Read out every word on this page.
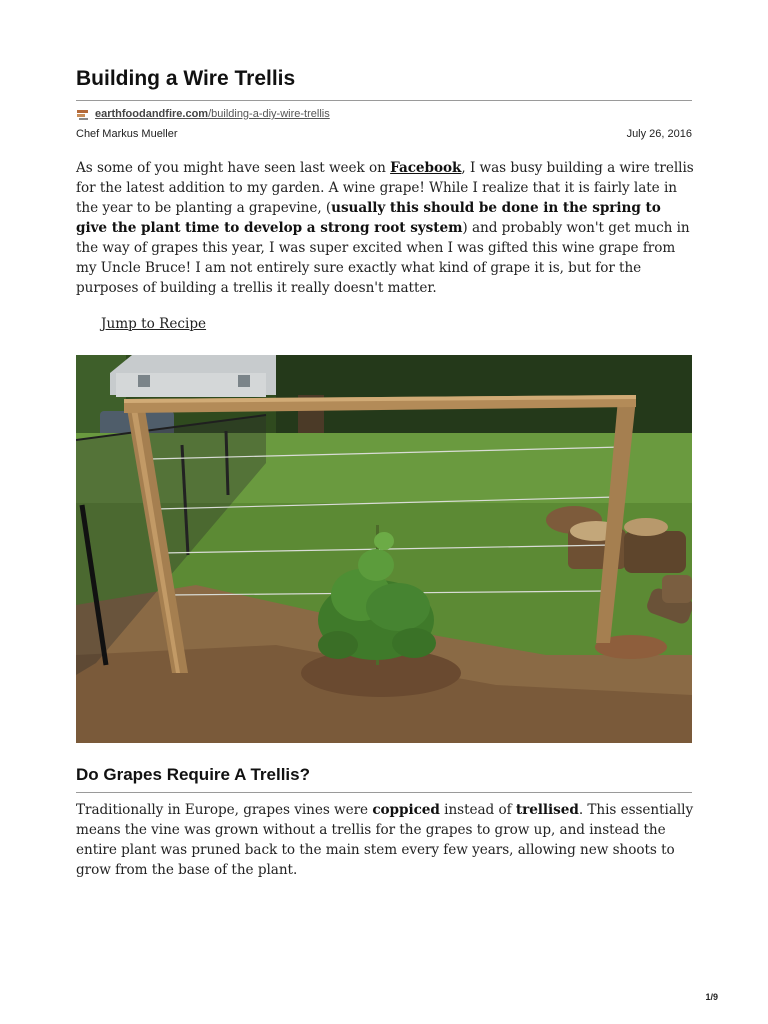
Building a Wire Trellis
earthfoodandfire.com/building-a-diy-wire-trellis
Chef Markus Mueller	July 26, 2016

As some of you might have seen last week on Facebook, I was busy building a wire trellis for the latest addition to my garden. A wine grape! While I realize that it is fairly late in the year to be planting a grapevine, (usually this should be done in the spring to give the plant time to develop a strong root system) and probably won't get much in the way of grapes this year, I was super excited when I was gifted this wine grape from my Uncle Bruce! I am not entirely sure exactly what kind of grape it is, but for the purposes of building a trellis it really doesn't matter.

Jump to Recipe
Do Grapes Require A Trellis?

Traditionally in Europe, grapes vines were coppiced instead of trellised. This essentially means the vine was grown without a trellis for the grapes to grow up, and instead the entire plant was pruned back to the main stem every few years, allowing new shoots to grow from the base of the plant.

1/9
